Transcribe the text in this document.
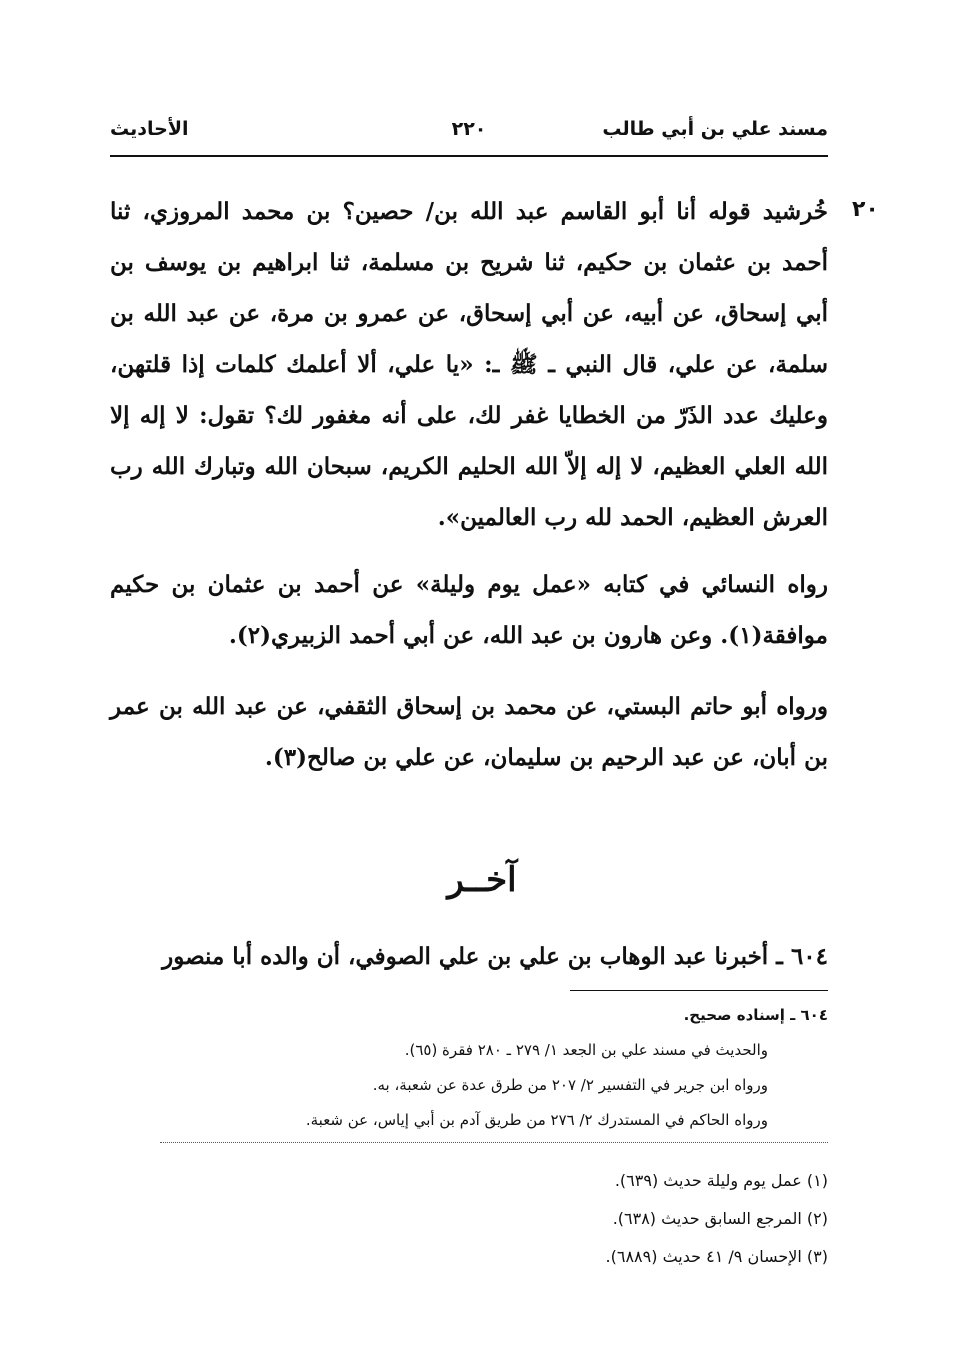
مسند علي بن أبي طالب
٢٢٠
الأحاديث
٢٠

خُرشيد قوله أنا أبو القاسم عبد الله بن/ حصين؟ بن محمد المروزي، ثنا أحمد بن عثمان بن حكيم، ثنا شريح بن مسلمة، ثنا ابراهيم بن يوسف بن أبي إسحاق، عن أبيه، عن أبي إسحاق، عن عمرو بن مرة، عن عبد الله بن سلمة، عن علي، قال النبي ـ ﷺ ـ: «يا علي، ألا أعلمك كلمات إذا قلتهن، وعليك عدد الذَرّ من الخطايا غفر لك، على أنه مغفور لك؟ تقول: لا إله إلا الله العلي العظيم، لا إله إلاّ الله الحليم الكريم، سبحان الله وتبارك الله رب العرش العظيم، الحمد لله رب العالمين».

رواه النسائي في كتابه «عمل يوم وليلة» عن أحمد بن عثمان بن حكيم موافقة(١). وعن هارون بن عبد الله، عن أبي أحمد الزبيري(٢).

ورواه أبو حاتم البستي، عن محمد بن إسحاق الثقفي، عن عبد الله بن عمر بن أبان، عن عبد الرحيم بن سليمان، عن علي بن صالح(٣).

آخــر
٦٠٤ ـ أخبرنا عبد الوهاب بن علي بن علي الصوفي، أن والده أبا منصور
٦٠٤ ـ إسناده صحيح.
والحديث في مسند علي بن الجعد ١/ ٢٧٩ ـ ٢٨٠ فقرة (٦٥).
ورواه ابن جرير في التفسير ٢/ ٢٠٧ من طرق عدة عن شعبة، به.
ورواه الحاكم في المستدرك ٢/ ٢٧٦ من طريق آدم بن أبي إياس، عن شعبة.
(١) عمل يوم وليلة حديث (٦٣٩).
(٢) المرجع السابق حديث (٦٣٨).
(٣) الإحسان ٩/ ٤١ حديث (٦٨٨٩).
